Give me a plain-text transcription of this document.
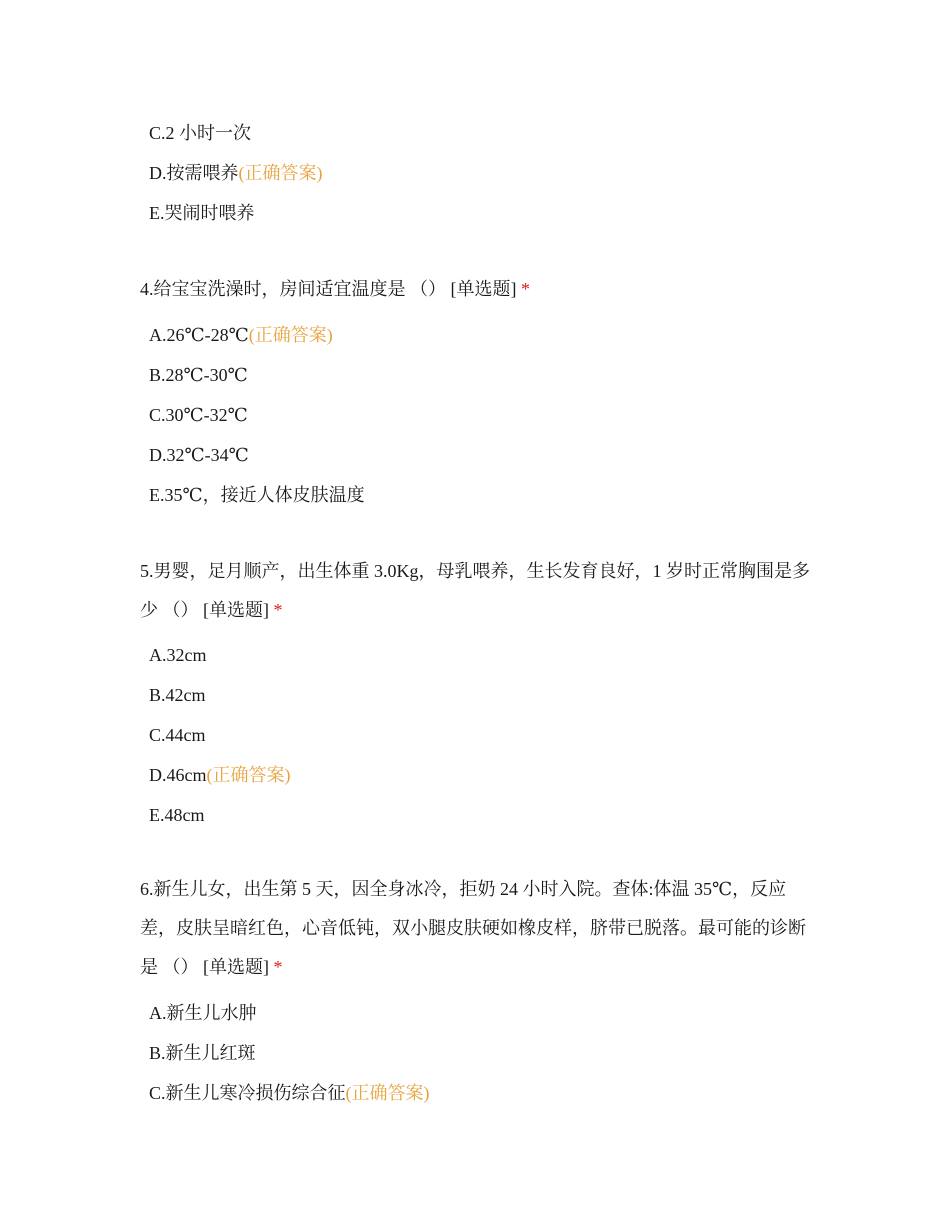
C.2 小时一次
D.按需喂养(正确答案)
E.哭闹时喂养
4.给宝宝洗澡时，房间适宜温度是 （） [单选题] *
A.26℃-28℃(正确答案)
B.28℃-30℃
C.30℃-32℃
D.32℃-34℃
E.35℃，接近人体皮肤温度
5.男婴，足月顺产，出生体重 3.0Kg，母乳喂养，生长发育良好，1 岁时正常胸围是多少 （） [单选题] *
A.32cm
B.42cm
C.44cm
D.46cm(正确答案)
E.48cm
6.新生儿女，出生第 5 天，因全身冰冷，拒奶 24 小时入院。查体:体温 35℃，反应差，皮肤呈暗红色，心音低钝，双小腿皮肤硬如橡皮样，脐带已脱落。最可能的诊断是 （） [单选题] *
A.新生儿水肿
B.新生儿红斑
C.新生儿寒冷损伤综合征(正确答案)
